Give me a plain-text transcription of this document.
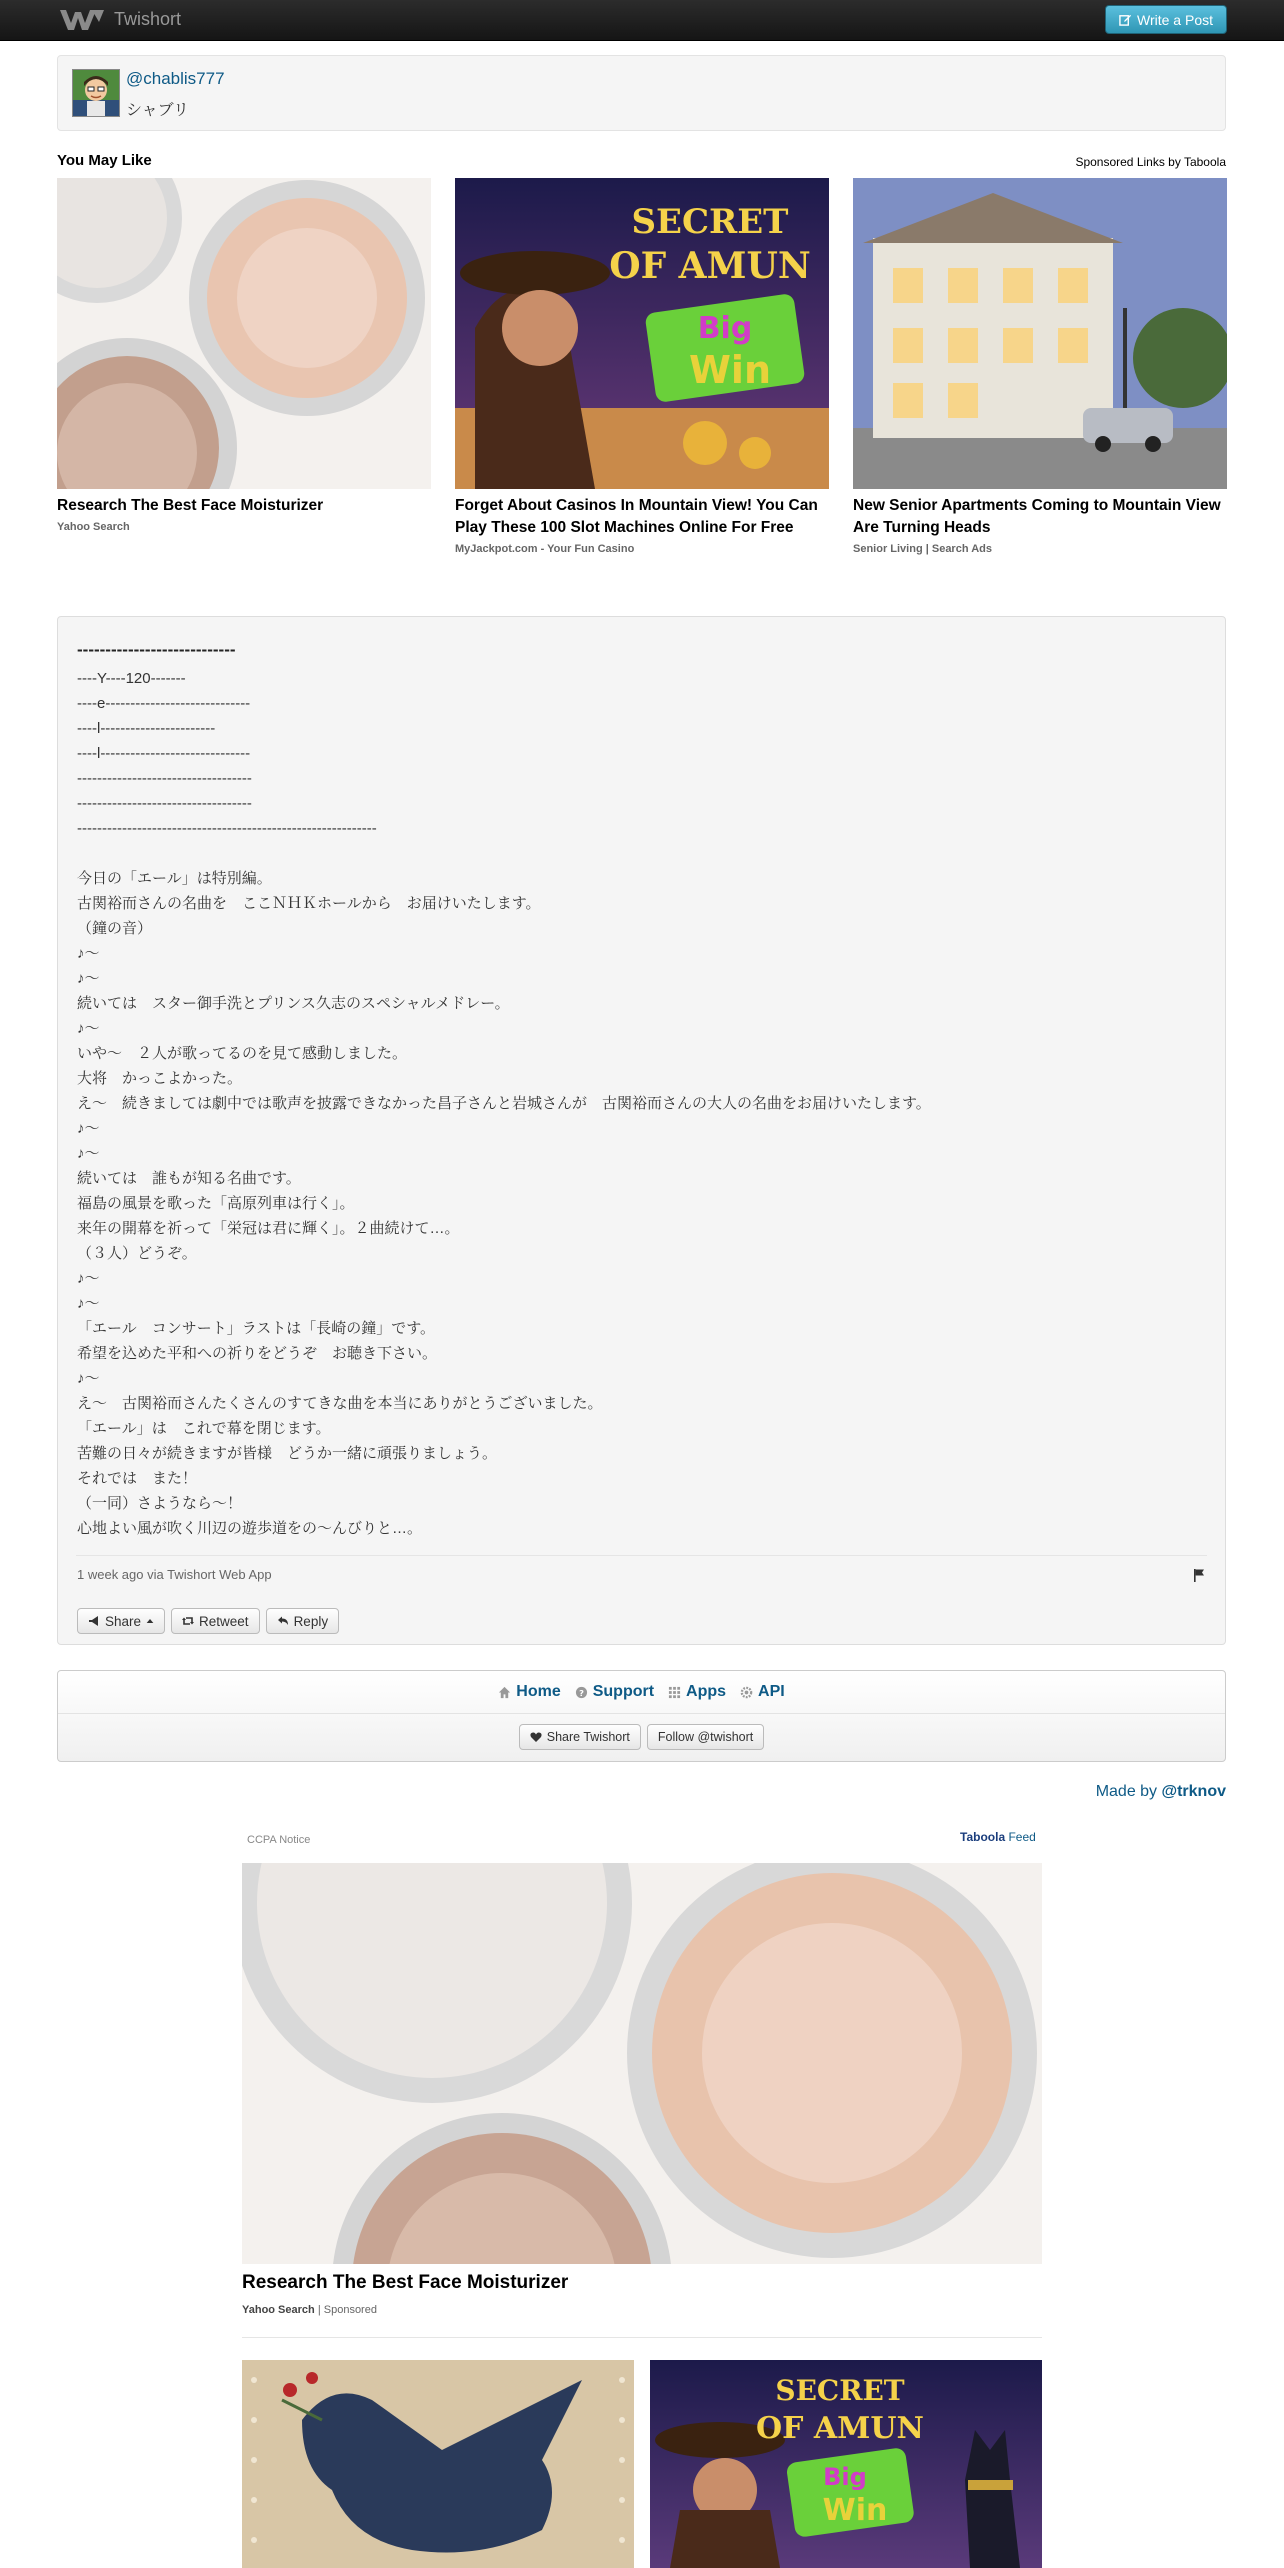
Twishort	Write a Post
@chablis777
シャブリ
You May Like	Sponsored Links by Taboola
Research The Best Face Moisturizer
Yahoo Search
SECRET
OF AMUN
Big
Win
Forget About Casinos In Mountain View! You Can Play These 100 Slot Machines Online For Free
MyJackpot.com - Your Fun Casino
New Senior Apartments Coming to Mountain View Are Turning Heads
Senior Living | Search Ads
----------------------------
----Y----120-------
----e-----------------------------
----l-----------------------
----l------------------------------
-----------------------------------
-----------------------------------
------------------------------------------------------------
今日の「エール」は特別編。
古関裕而さんの名曲を　ここＮＨＫホールから　お届けいたします。
（鐘の音）
♪～
♪～
続いては　スター御手洗とプリンス久志のスペシャルメドレー。
♪～
いや～　２人が歌ってるのを見て感動しました。
大将　かっこよかった。
え～　続きましては劇中では歌声を披露できなかった昌子さんと岩城さんが　古関裕而さんの大人の名曲をお届けいたします。
♪～
♪～
続いては　誰もが知る名曲です。
福島の風景を歌った「高原列車は行く」。
来年の開幕を祈って「栄冠は君に輝く」。２曲続けて…。
（３人）どうぞ。
♪～
♪～
「エール　コンサート」ラストは「長崎の鐘」です。
希望を込めた平和への祈りをどうぞ　お聴き下さい。
♪～
え～　古関裕而さんたくさんのすてきな曲を本当にありがとうございました。
「エール」は　これで幕を閉じます。
苦難の日々が続きますが皆様　どうか一緒に頑張りましょう。
それでは　また！
（一同）さようなら～！
心地よい風が吹く川辺の遊歩道をの～んびりと…。
1 week ago via Twishort Web App
Share	Retweet	Reply
Home ? Support Apps API
Share Twishort Follow @twishort
Made by @trknov
CCPA Notice	Taboola Feed
Research The Best Face Moisturizer
Yahoo Search | Sponsored
SECRET
OF AMUN
Big
Win
